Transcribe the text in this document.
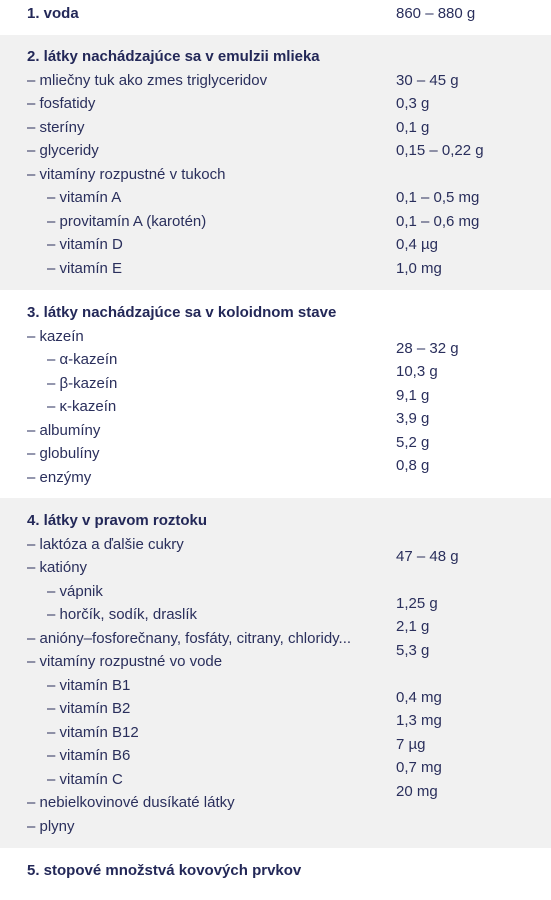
1. voda	860 – 880 g
2. látky nachádzajúce sa v emulzii mlieka
– mliečny tuk ako zmes triglyceridov
– fosfatidy
– steríny
– glyceridy
– vitamíny rozpustné v tukoch
– vitamín A
– provitamín A (karotén)
– vitamín D
– vitamín E
30 – 45 g
0,3 g
0,1 g
0,15 – 0,22 g
0,1 – 0,5 mg
0,1 – 0,6 mg
0,4 µg
1,0 mg
3. látky nachádzajúce sa v koloidnom stave
– kazeín
– α-kazeín
– β-kazeín
– κ-kazeín
– albumíny
– globulíny
– enzýmy
28 – 32 g
10,3 g
9,1 g
3,9 g
5,2 g
0,8 g
4. látky v pravom roztoku
– laktóza a ďalšie cukry
– katióny
– vápnik
– horčík, sodík, draslík
– anióny–fosforečnany, fosfáty, citrany, chloridy...
– vitamíny rozpustné vo vode
– vitamín B1
– vitamín B2
– vitamín B12
– vitamín B6
– vitamín C
– nebielkovinové dusíkaté látky
– plyny
47 – 48 g
1,25 g
2,1 g
5,3 g
0,4 mg
1,3 mg
7 µg
0,7 mg
20 mg
5. stopové množstvá kovových prvkov
